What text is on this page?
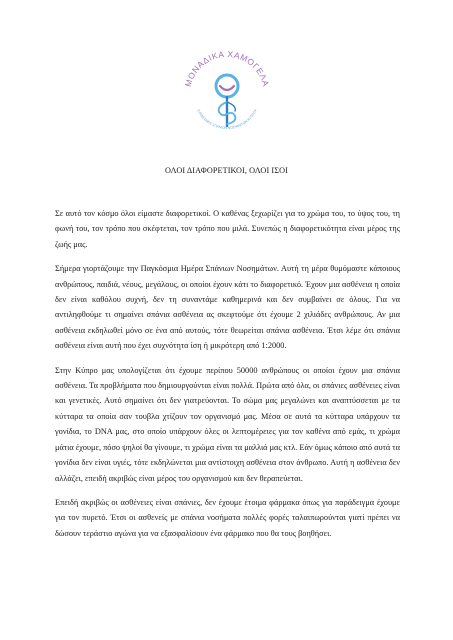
ΜΟΝΑΔΙΚΑ ΧΑΜΟΓΕΛΑ
ΣΥΝΔΕΣΜΟΣ ΣΠΑΝΙΩΝ ΝΟΣΗΜΑΤΩΝ ΚΥΠΡΟΥ
ΟΛΟΙ ΔΙΑΦΟΡΕΤΙΚΟΙ, ΟΛΟΙ ΙΣΟΙ

Σε αυτό τον κόσμο όλοι είμαστε διαφορετικοί. Ο καθένας ξεχωρίζει για το χρώμα του, το ύψος του, τη φωνή του, τον τρόπο που σκέφτεται, τον τρόπο που μιλά. Συνεπώς η διαφορετικότητα είναι μέρος της ζωής μας.

Σήμερα γιορτάζουμε την Παγκόσμια Ημέρα Σπάνιων Νοσημάτων. Αυτή τη μέρα θυμόμαστε κάποιους ανθρώπους, παιδιά, νέους, μεγάλους, οι οποίοι έχουν κάτι το διαφορετικό. Έχουν μια ασθένεια η οποία δεν είναι καθόλου συχνή, δεν τη συναντάμε καθημερινά και δεν συμβαίνει σε όλους. Για να αντιληφθούμε τι σημαίνει σπάνια ασθένεια ας σκεφτούμε ότι έχουμε 2 χιλιάδες ανθρώπους. Αν μια ασθένεια εκδηλωθεί μόνο σε ένα από αυτούς, τότε θεωρείται σπάνια ασθένεια. Έτσι λέμε ότι σπάνια ασθένεια είναι αυτή που έχει συχνότητα ίση ή μικρότερη από 1:2000.

Στην Κύπρο μας υπολογίζεται ότι έχουμε περίπου 50000 ανθρώπους οι οποίοι έχουν μια σπάνια ασθένεια. Τα προβλήματα που δημιουργούνται είναι πολλά. Πρώτα από όλα, οι σπάνιες ασθένειες είναι και γενετικές. Αυτό σημαίνει ότι δεν γιατρεύονται. Το σώμα μας μεγαλώνει και αναπτύσσεται με τα κύτταρα τα οποία σαν τουβλα χτίζουν τον οργανισμό μας. Μέσα σε αυτά τα κύτταρα υπάρχουν τα γονίδια, το DNA μας, στο οποίο υπάρχουν όλες οι λεπτομέρειες για τον καθένα από εμάς, τι χρώμα μάτια έχουμε, πόσο ψηλοί θα γίνουμε, τι χρώμα είναι τα μαλλιά μας κτλ. Εάν όμως κάποιο από αυτά τα γονίδια δεν είναι υγιές, τότε εκδηλώνεται μια αντίστοιχη ασθένεια στον άνθρωπο. Αυτή η ασθένεια δεν αλλάζει, επειδή ακριβώς είναι μέρος του οργανισμού και δεν θεραπεύεται.

Επειδή ακριβώς οι ασθένειες είναι σπάνιες, δεν έχουμε έτοιμα φάρμακα όπως για παράδειγμα έχουμε για τον πυρετό. Έτσι οι ασθενείς με σπάνια νοσήματα πολλές φορές ταλαιπωρούνται γιατί πρέπει να δώσουν τεράστιο αγώνα για να εξασφαλίσουν ένα φάρμακο που θα τους βοηθήσει.
